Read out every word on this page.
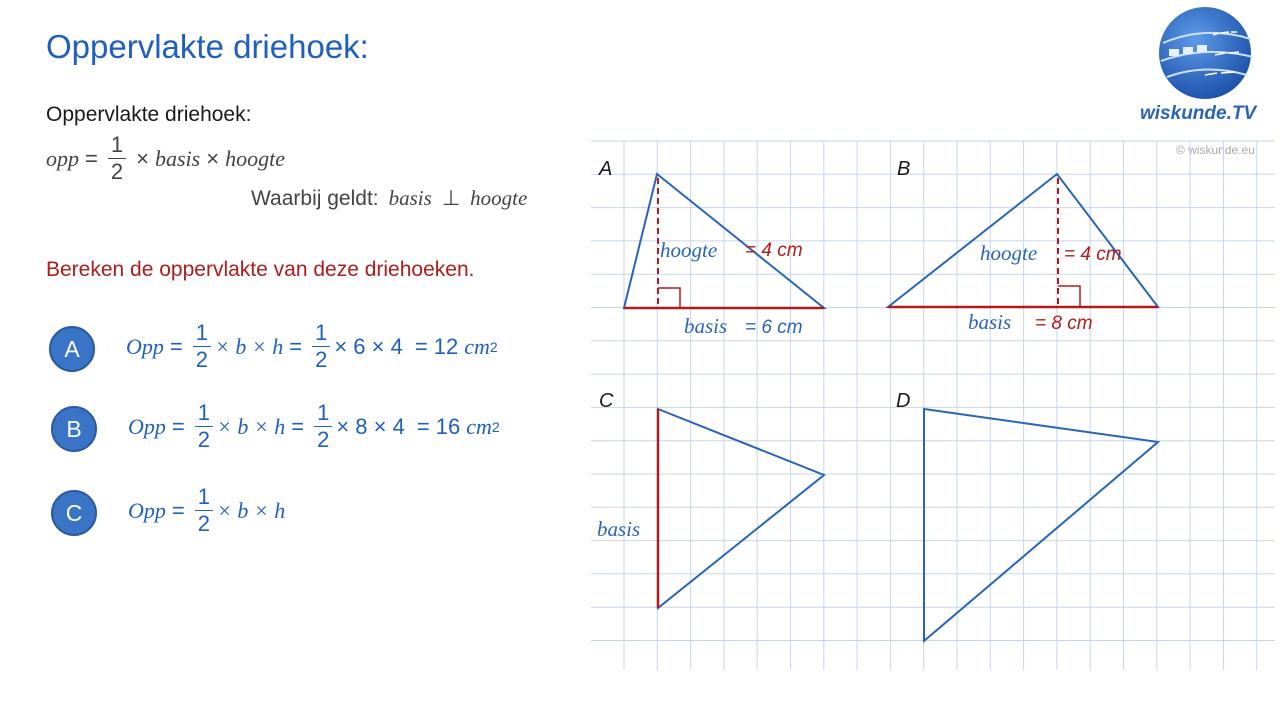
Oppervlakte driehoek:
wiskunde.TV
© wiskunde.eu
Oppervlakte driehoek:
opp = $\frac{1}{2}$ × basis × hoogte
Waarbij geldt: basis ⊥ hoogte
Bereken de oppervlakte van deze driehoeken.
A	Opp = $\frac{1}{2} \times b \times h = \frac{1}{2} \times 6 \times 4 = 12$ cm 2
B	Opp = $\frac{1}{2} \times b \times h = \frac{1}{2} \times 8 \times 4 = 16$ cm 2
C	Opp = $\frac{1}{2} \times b \times h$
A
hoogte = 4 cm
basis = 6 cm
B
hoogte = 4 cm
basis = 8 cm
C
basis
D
